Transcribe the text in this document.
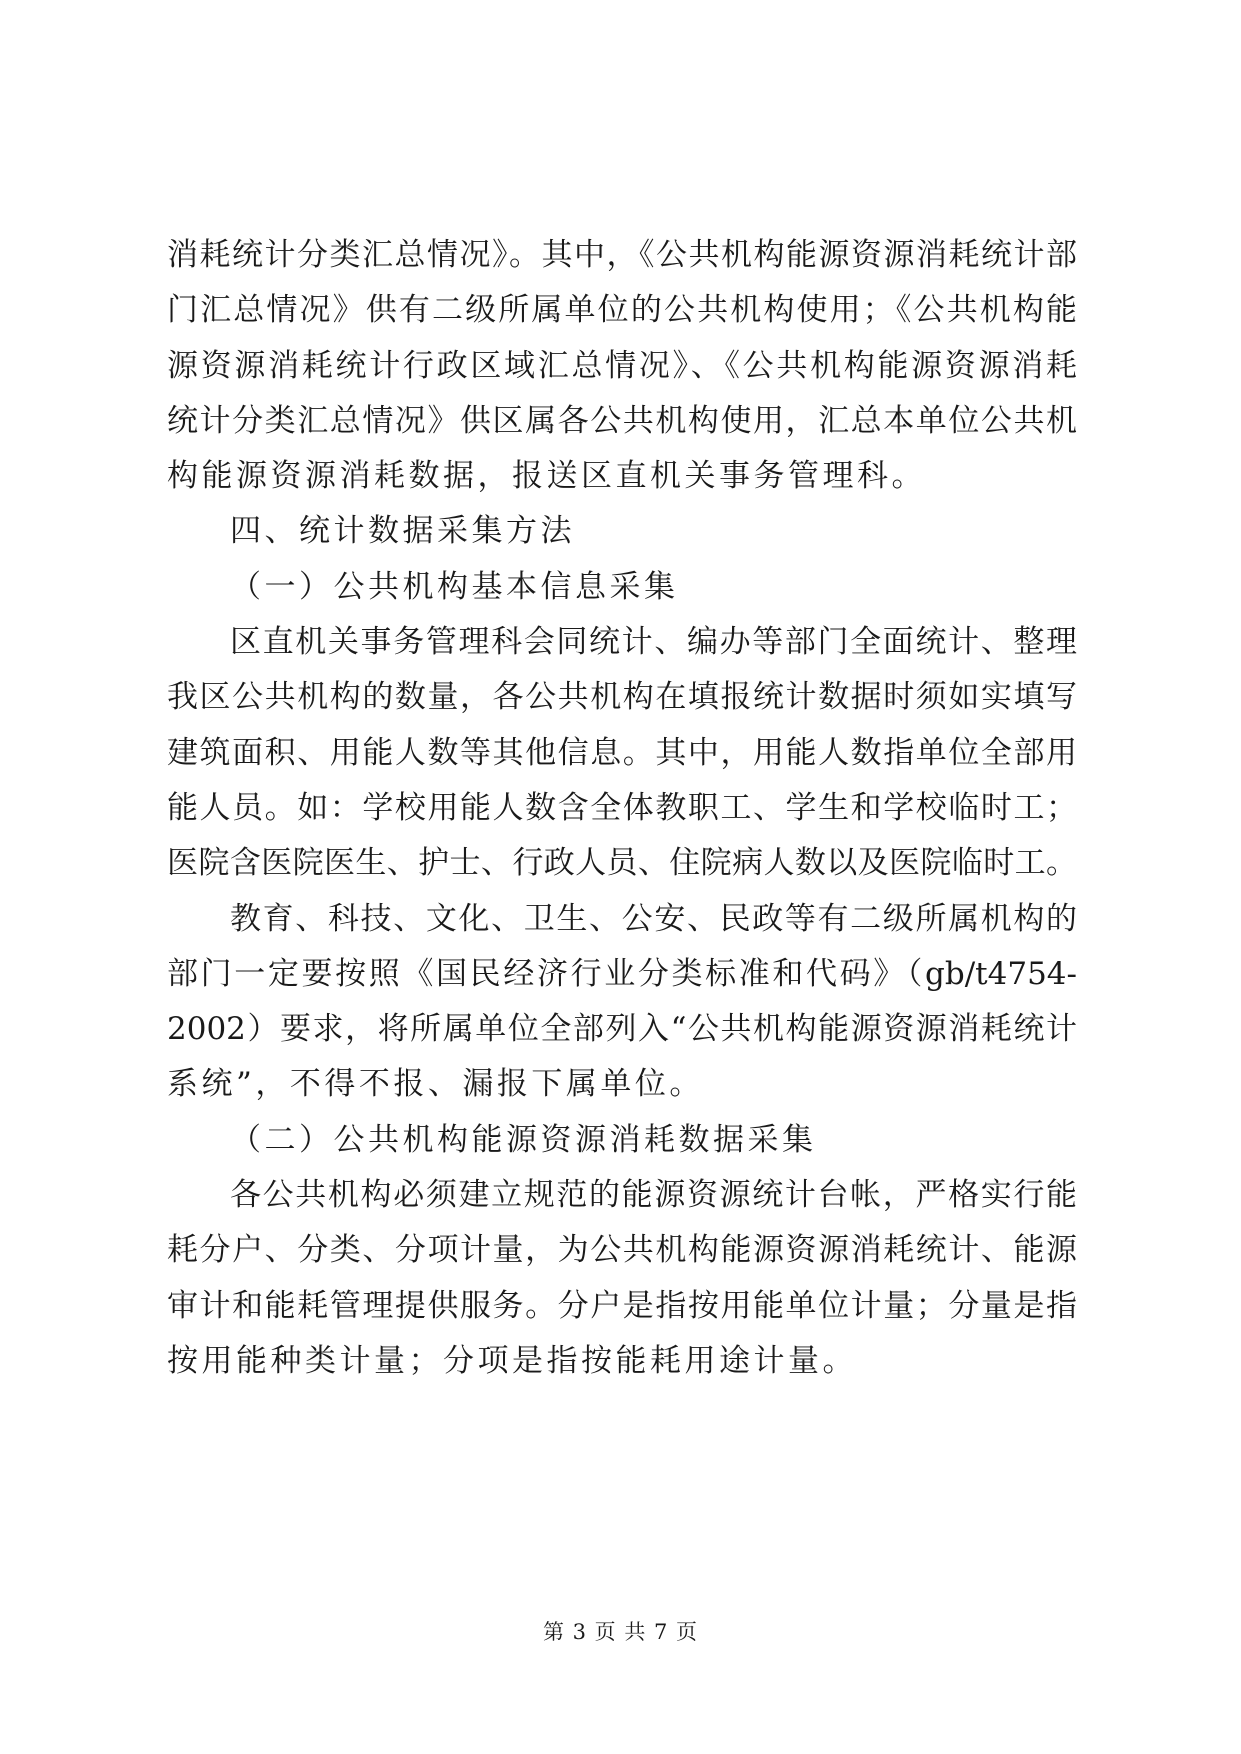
消耗统计分类汇总情况》。其中，《公共机构能源资源消耗统计部
门汇总情况》供有二级所属单位的公共机构使用；《公共机构能
源资源消耗统计行政区域汇总情况》、《公共机构能源资源消耗
统计分类汇总情况》供区属各公共机构使用，汇总本单位公共机
构能源资源消耗数据，报送区直机关事务管理科。
四、统计数据采集方法
（一）公共机构基本信息采集
区直机关事务管理科会同统计、编办等部门全面统计、整理
我区公共机构的数量，各公共机构在填报统计数据时须如实填写
建筑面积、用能人数等其他信息。其中，用能人数指单位全部用
能人员。如：学校用能人数含全体教职工、学生和学校临时工；
医院含医院医生、护士、行政人员、住院病人数以及医院临时工。
教育、科技、文化、卫生、公安、民政等有二级所属机构的
部门一定要按照《国民经济行业分类标准和代码》（gb/t4754-
2002）要求，将所属单位全部列入“公共机构能源资源消耗统计
系统”，不得不报、漏报下属单位。
（二）公共机构能源资源消耗数据采集
各公共机构必须建立规范的能源资源统计台帐，严格实行能
耗分户、分类、分项计量，为公共机构能源资源消耗统计、能源
审计和能耗管理提供服务。分户是指按用能单位计量；分量是指
按用能种类计量；分项是指按能耗用途计量。
第 3 页 共 7 页
